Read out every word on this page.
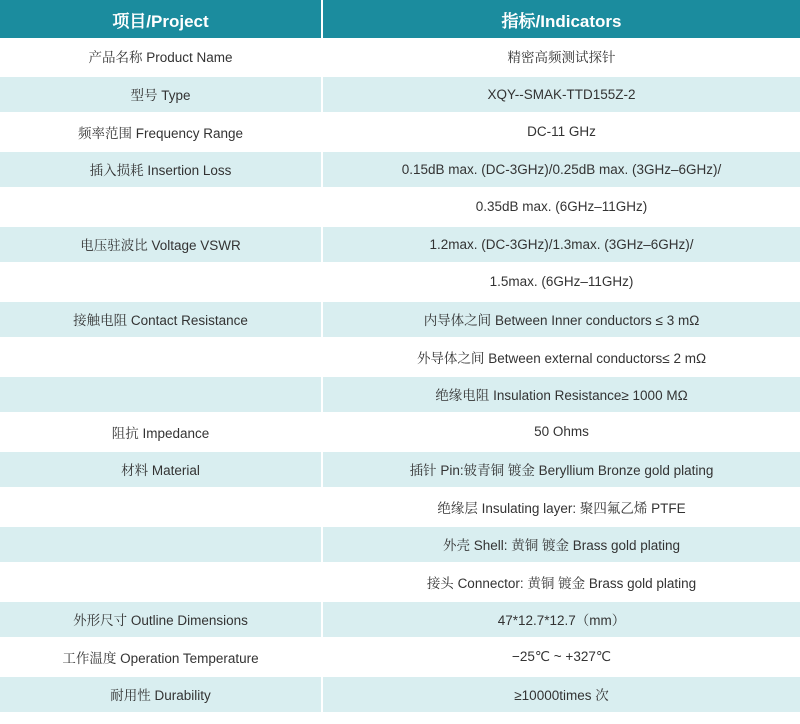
项目/Project	指标/Indicators
产品名称 Product Name	精密高频测试探针
型号 Type	XQY--SMAK-TTD155Z-2
频率范围 Frequency Range	DC-11 GHz
插入损耗 Insertion Loss	0.15dB max. (DC-3GHz)/0.25dB max. (3GHz–6GHz)/
	0.35dB max. (6GHz–11GHz)
电压驻波比 Voltage VSWR	1.2max. (DC-3GHz)/1.3max. (3GHz–6GHz)/
	1.5max. (6GHz–11GHz)
接触电阻 Contact Resistance	内导体之间 Between Inner conductors ≤ 3 mΩ
	外导体之间 Between external conductors≤ 2 mΩ
	绝缘电阻 Insulation Resistance≥ 1000 MΩ
阻抗 Impedance	50 Ohms
材料 Material	插针 Pin:铍青铜 镀金 Beryllium Bronze gold plating
	绝缘层 Insulating layer: 聚四氟乙烯 PTFE
	外壳 Shell: 黄铜 镀金 Brass gold plating
	接头 Connector: 黄铜 镀金 Brass gold plating
外形尺寸 Outline Dimensions	47*12.7*12.7（mm）
工作温度 Operation Temperature	−25℃ ~ +327℃
耐用性 Durability	≥10000times 次
